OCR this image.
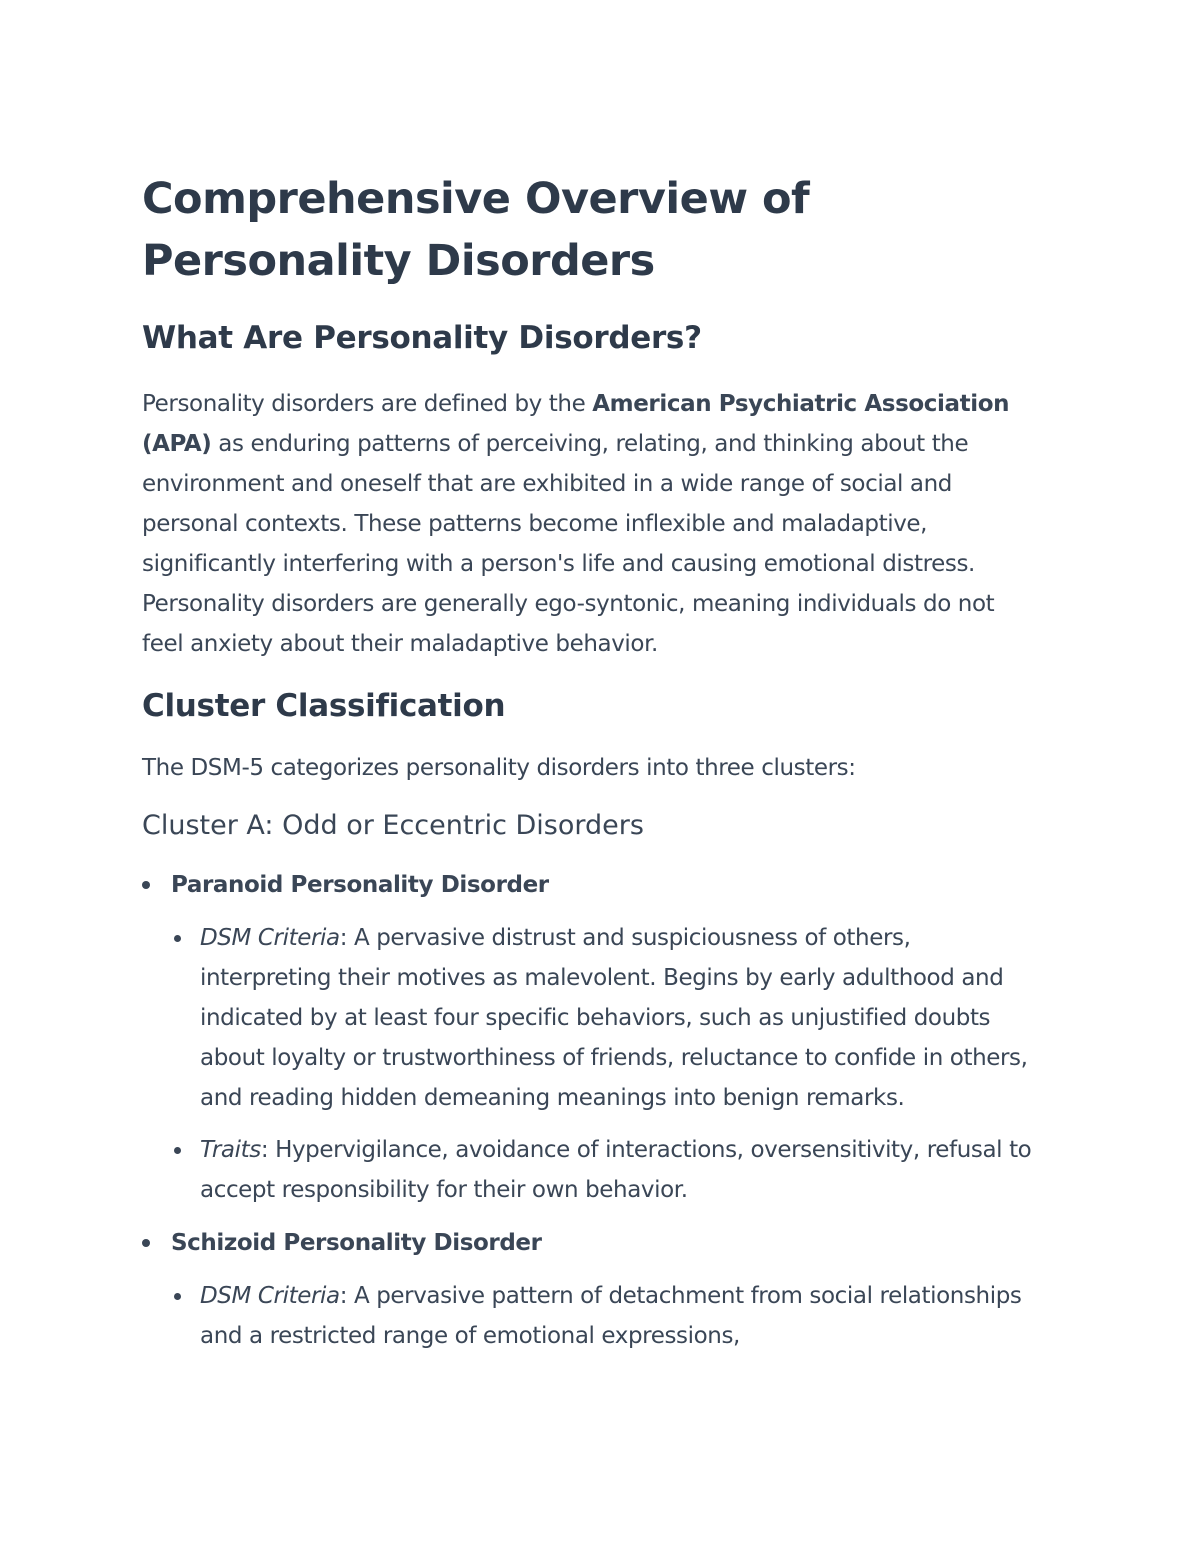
Comprehensive Overview of
Personality Disorders
What Are Personality Disorders?

Personality disorders are defined by the American Psychiatric Association (APA) as enduring patterns of perceiving, relating, and thinking about the environment and oneself that are exhibited in a wide range of social and personal contexts. These patterns become inflexible and maladaptive, significantly interfering with a person's life and causing emotional distress. Personality disorders are generally ego-syntonic, meaning individuals do not feel anxiety about their maladaptive behavior.

Cluster Classification

The DSM-5 categorizes personality disorders into three clusters:

Cluster A: Odd or Eccentric Disorders
Paranoid Personality Disorder
DSM Criteria: A pervasive distrust and suspiciousness of others, interpreting their motives as malevolent. Begins by early adulthood and indicated by at least four specific behaviors, such as unjustified doubts about loyalty or trustworthiness of friends, reluctance to confide in others, and reading hidden demeaning meanings into benign remarks.
Traits: Hypervigilance, avoidance of interactions, oversensitivity, refusal to accept responsibility for their own behavior.
Schizoid Personality Disorder
DSM Criteria: A pervasive pattern of detachment from social relationships and a restricted range of emotional expressions,
